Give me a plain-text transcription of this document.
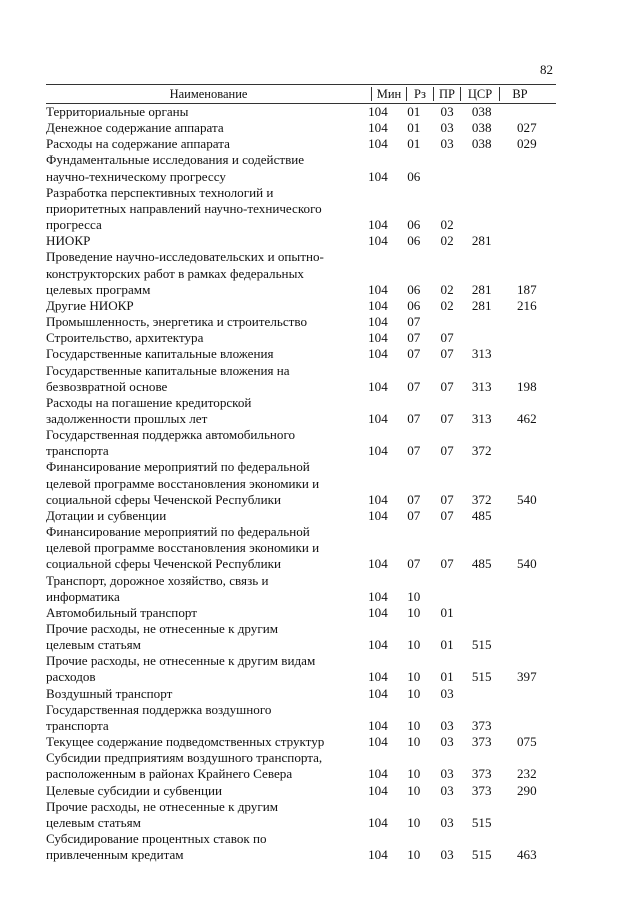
82
Наименование	Мин	Рз	ПР	ЦСР	ВР
Территориальные органы	104	01	03	038
Денежное содержание аппарата	104	01	03	038	027
Расходы на содержание аппарата	104	01	03	038	029
Фундаментальные исследования и содействие
научно-техническому прогрессу	104	06
Разработка перспективных технологий и
приоритетных направлений научно-технического
прогресса	104	06	02
НИОКР	104	06	02	281
Проведение научно-исследовательских и опытно-
конструкторских работ в рамках федеральных
целевых программ	104	06	02	281	187
Другие НИОКР	104	06	02	281	216
Промышленность, энергетика и строительство	104	07
Строительство, архитектура	104	07	07
Государственные капитальные вложения	104	07	07	313
Государственные капитальные вложения на
безвозвратной основе	104	07	07	313	198
Расходы на погашение кредиторской
задолженности прошлых лет	104	07	07	313	462
Государственная поддержка автомобильного
транспорта	104	07	07	372
Финансирование мероприятий по федеральной
целевой программе восстановления экономики и
социальной сферы Чеченской Республики	104	07	07	372	540
Дотации и субвенции	104	07	07	485
Финансирование мероприятий по федеральной
целевой программе восстановления экономики и
социальной сферы Чеченской Республики	104	07	07	485	540
Транспорт, дорожное хозяйство, связь и
информатика	104	10
Автомобильный транспорт	104	10	01
Прочие расходы, не отнесенные к другим
целевым статьям	104	10	01	515
Прочие расходы, не отнесенные к другим видам
расходов	104	10	01	515	397
Воздушный транспорт	104	10	03
Государственная поддержка воздушного
транспорта	104	10	03	373
Текущее содержание подведомственных структур	104	10	03	373	075
Субсидии предприятиям воздушного транспорта,
расположенным в районах Крайнего Севера	104	10	03	373	232
Целевые субсидии и субвенции	104	10	03	373	290
Прочие расходы, не отнесенные к другим
целевым статьям	104	10	03	515
Субсидирование процентных ставок по
привлеченным кредитам	104	10	03	515	463
